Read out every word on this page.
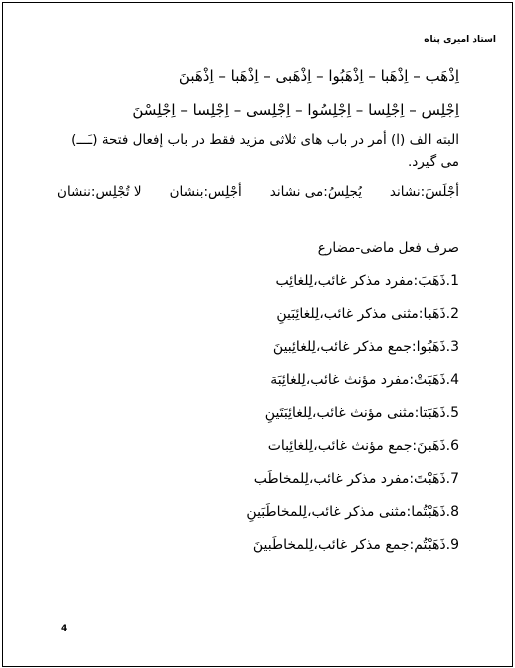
استاد امیری پناه

اِذْهَب – اِذْهَبا – اِذْهَبُوا – اِذْهَبی – اِذْهَبا – اِذْهَبنَ

اِجْلِس – اِجْلِسا – اِجْلِسُوا – اِجْلِسی – اِجْلِسا – اِجْلِسْنَ

البته الف (ا) أمر در باب های ثلاثی مزید فقط در باب إفعال فتحة (ـَـــ) می گیرد.

أجْلَسَ:نشاند
يُجلِسُ:می نشاند
أجْلِس:بنشان
لا تُجْلِس:ننشان

صرف فعل ماضی-مضارع

1.ذَهَبَ:مفرد مذکر غائب،لِلغائِب
2.ذَهَبا:مثنی مذکر غائب،لِلغائِبَینِ
3.ذَهَبُوا:جمع مذکر غائب،لِلغائِبینَ
4.ذَهَبَتْ:مفرد مؤنث غائب،لِلغائِبَة
5.ذَهَبَتا:مثنی مؤنث غائب،لِلغائِبَتَینِ
6.ذَهَبنَ:جمع مؤنث غائب،لِلغائِبات
7.ذَهَبْتَ:مفرد مذکر غائب،لِلمخاطَب
8.ذَهَبْتُما:مثنی مذکر غائب،لِلمخاطَبَینِ
9.ذَهَبْتُم:جمع مذکر غائب،لِلمخاطَبینَ
4
